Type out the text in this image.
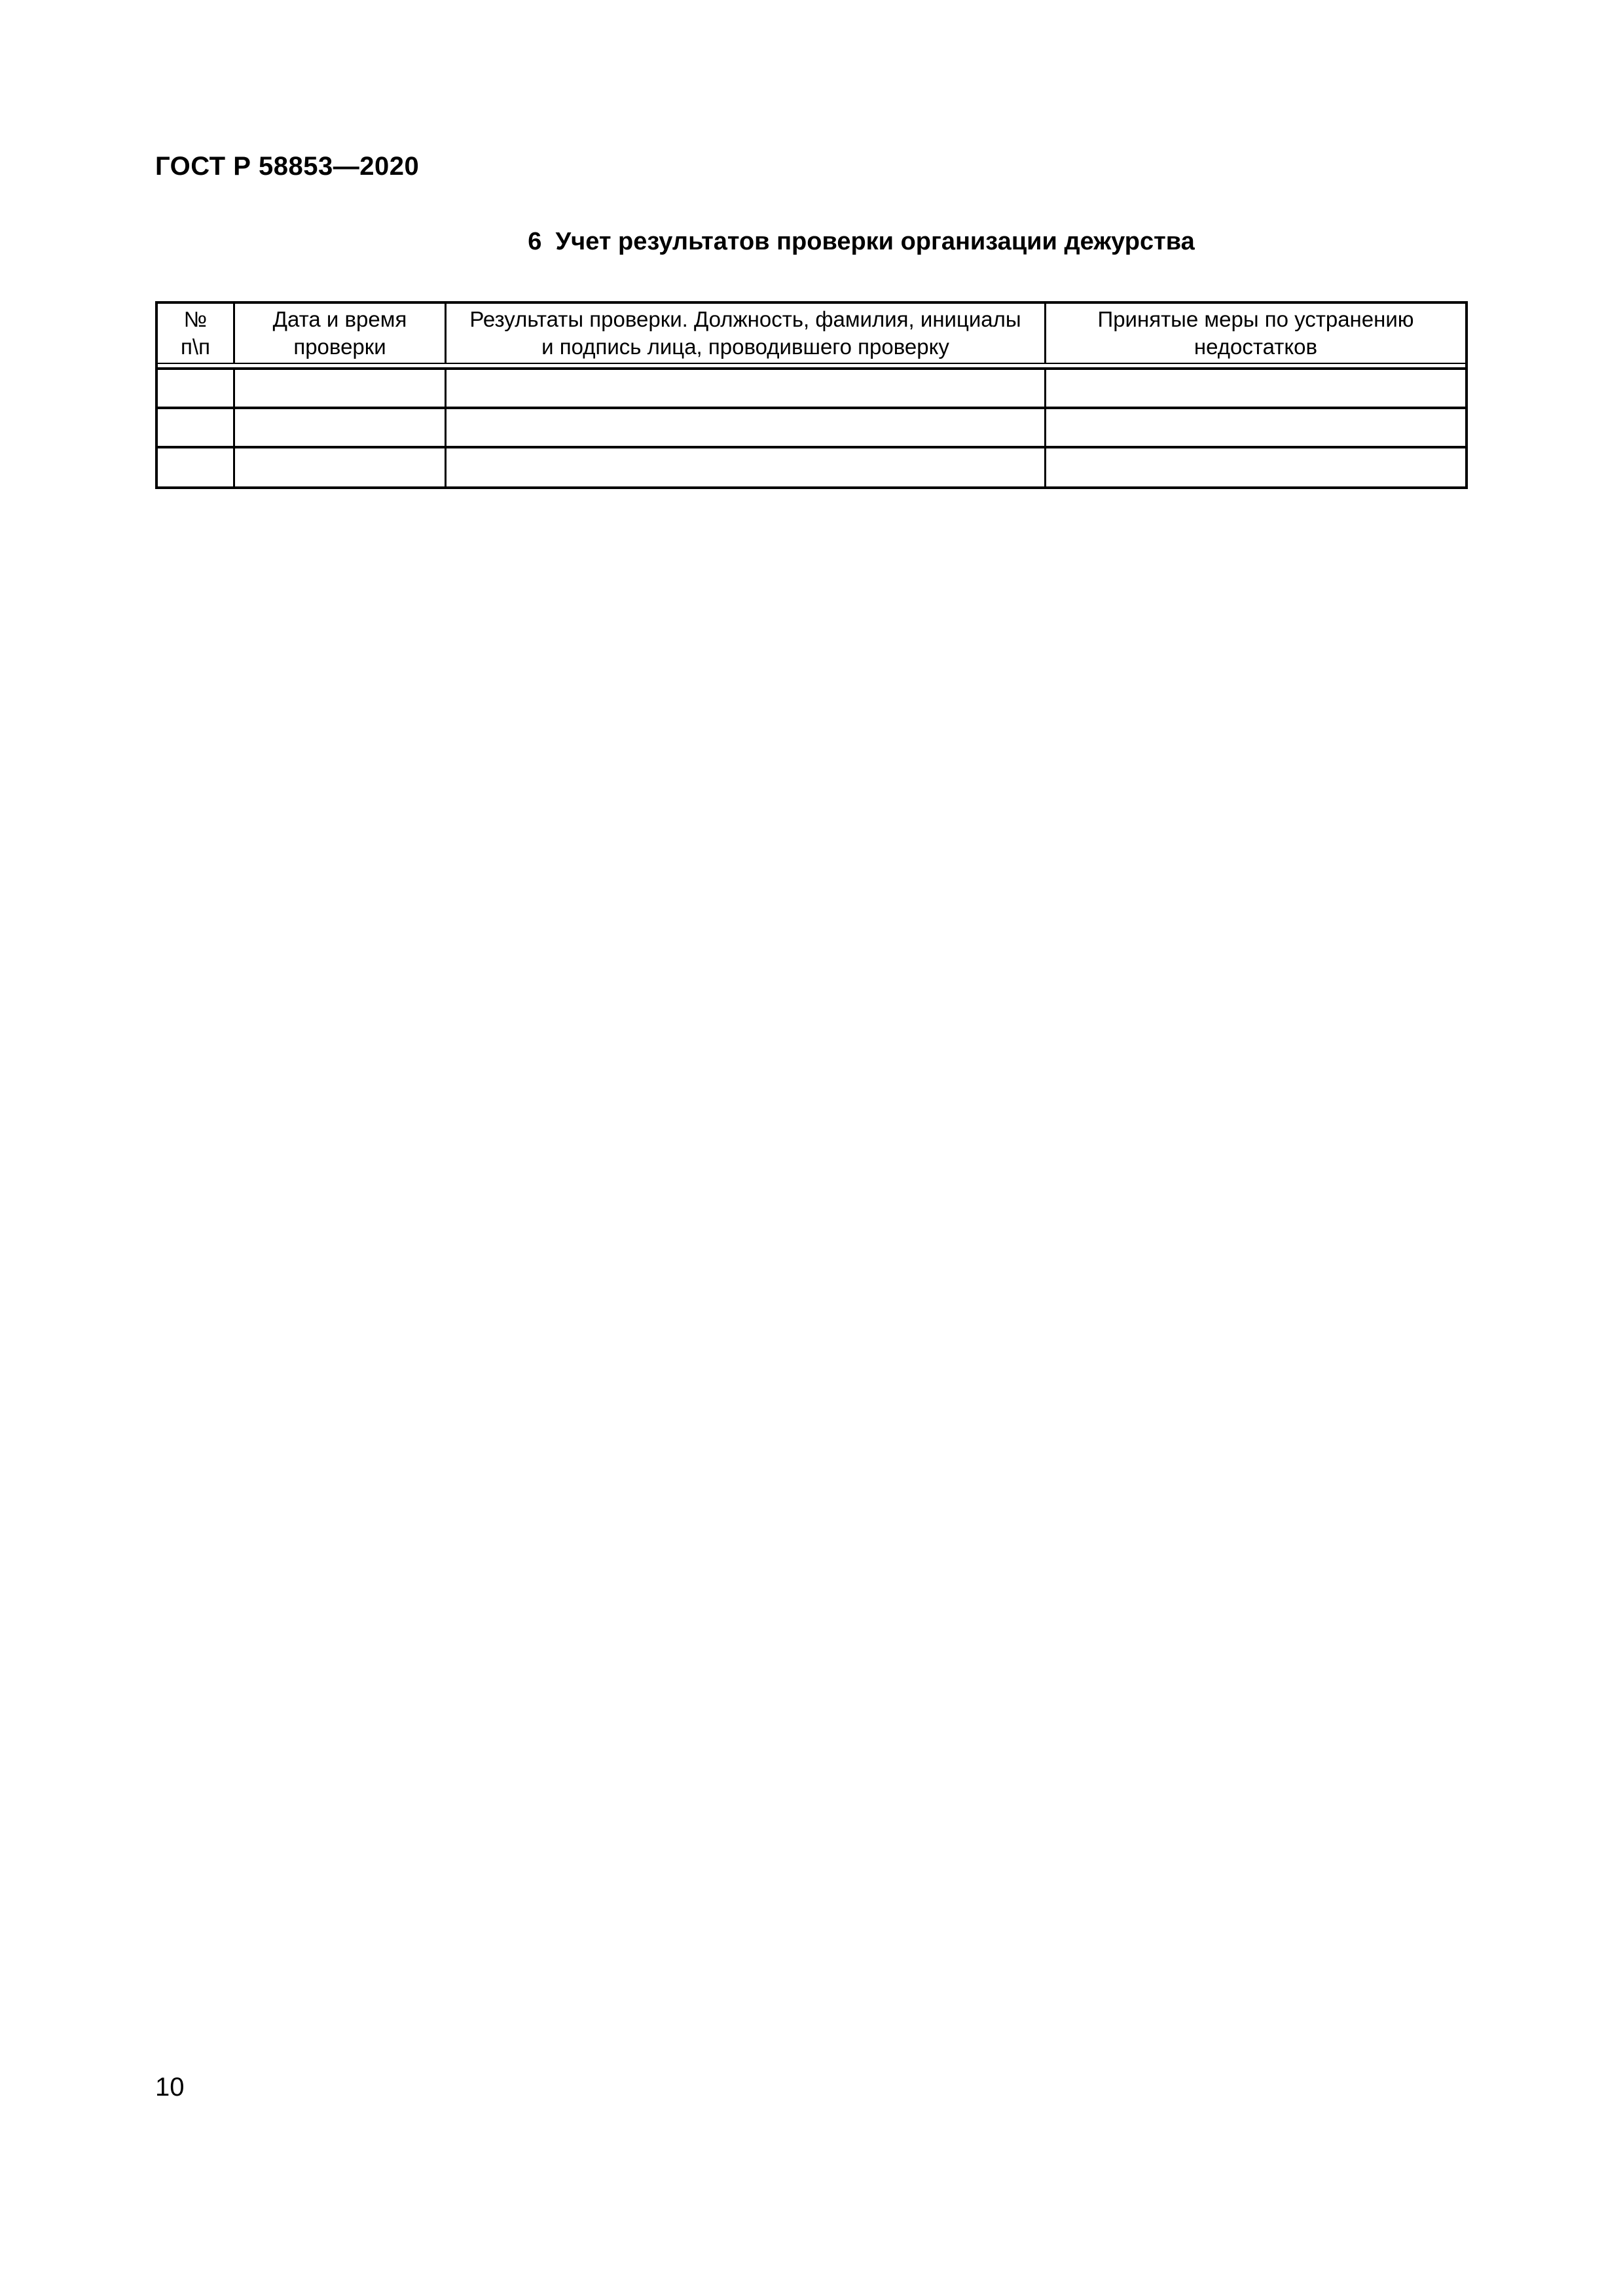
ГОСТ Р 58853—2020
6  Учет результатов проверки организации дежурства
№
п\п
Дата и время
проверки
Результаты проверки. Должность, фамилия, инициалы
и подпись лица, проводившего проверку
Принятые меры по устранению
недостатков
10
